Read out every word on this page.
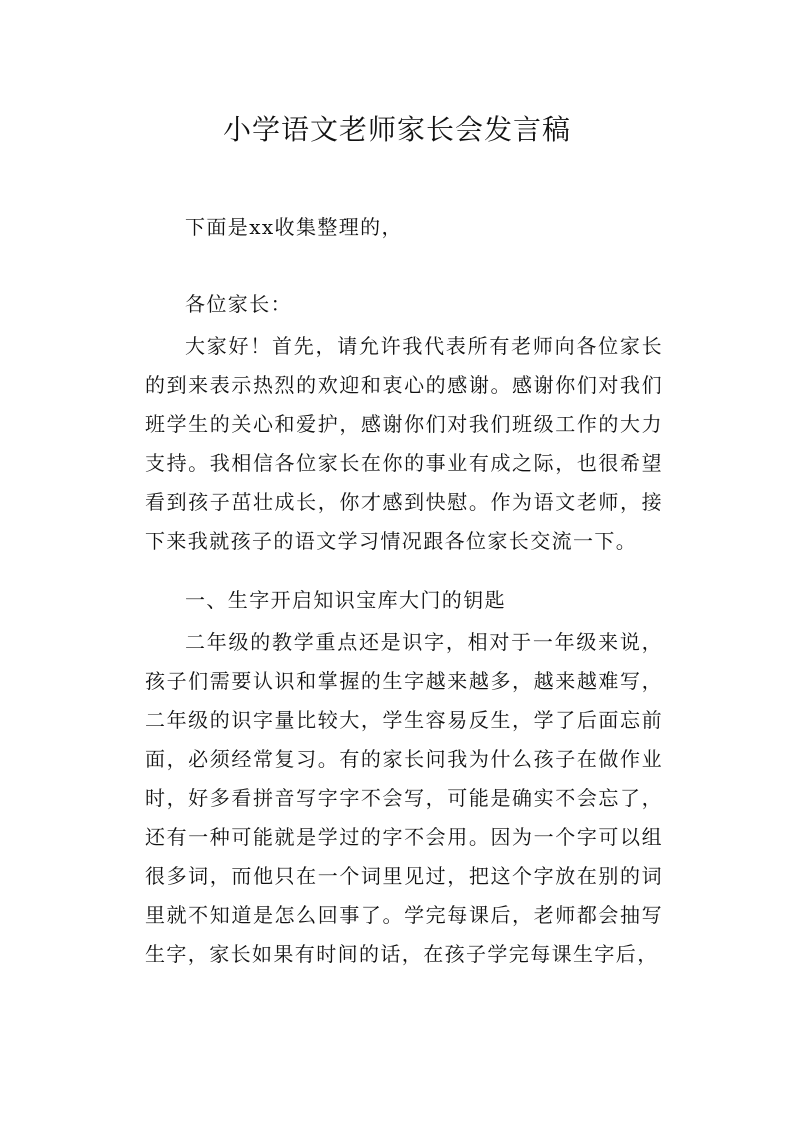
小学语文老师家长会发言稿
下面是xx收集整理的，
各位家长：
大家好！首先，请允许我代表所有老师向各位家长的到来表示热烈的欢迎和衷心的感谢。感谢你们对我们班学生的关心和爱护，感谢你们对我们班级工作的大力支持。我相信各位家长在你的事业有成之际，也很希望看到孩子茁壮成长，你才感到快慰。作为语文老师，接下来我就孩子的语文学习情况跟各位家长交流一下。
一、生字开启知识宝库大门的钥匙
二年级的教学重点还是识字，相对于一年级来说，孩子们需要认识和掌握的生字越来越多，越来越难写，二年级的识字量比较大，学生容易反生，学了后面忘前面，必须经常复习。有的家长问我为什么孩子在做作业时，好多看拼音写字字不会写，可能是确实不会忘了，还有一种可能就是学过的字不会用。因为一个字可以组很多词，而他只在一个词里见过，把这个字放在别的词里就不知道是怎么回事了。学完每课后，老师都会抽写生字，家长如果有时间的话，在孩子学完每课生字后，
